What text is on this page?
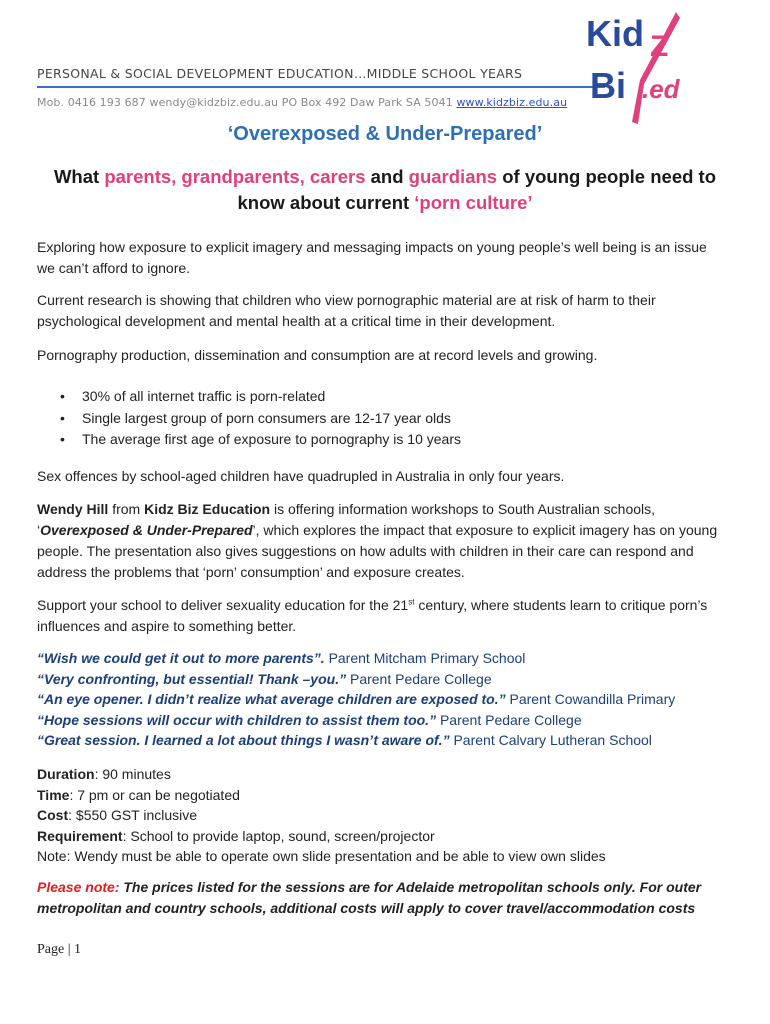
PERSONAL & SOCIAL DEVELOPMENT EDUCATION…MIDDLE SCHOOL YEARS
Mob. 0416 193 687 wendy@kidzbiz.edu.au PO Box 492 Daw Park SA 5041 www.kidzbiz.edu.au
Kid
Bi
Z
.ed
‘Overexposed & Under-Prepared’
What parents, grandparents, carers and guardians of young people need to know about current ‘porn culture’

Exploring how exposure to explicit imagery and messaging impacts on young people’s well being is an issue we can’t afford to ignore.

Current research is showing that children who view pornographic material are at risk of harm to their psychological development and mental health at a critical time in their development.

Pornography production, dissemination and consumption are at record levels and growing.

• 30% of all internet traffic is porn-related
• Single largest group of porn consumers are 12-17 year olds
• The average first age of exposure to pornography is 10 years

Sex offences by school-aged children have quadrupled in Australia in only four years.

Wendy Hill from Kidz Biz Education is offering information workshops to South Australian schools, ‘Overexposed & Under-Prepared’, which explores the impact that exposure to explicit imagery has on young people. The presentation also gives suggestions on how adults with children in their care can respond and address the problems that ‘porn’ consumption’ and exposure creates.

Support your school to deliver sexuality education for the 21st century, where students learn to critique porn’s influences and aspire to something better.

“Wish we could get it out to more parents”. Parent Mitcham Primary School
“Very confronting, but essential! Thank –you.” Parent Pedare College
“An eye opener. I didn’t realize what average children are exposed to.” Parent Cowandilla Primary
“Hope sessions will occur with children to assist them too.” Parent Pedare College
“Great session. I learned a lot about things I wasn’t aware of.” Parent Calvary Lutheran School
Duration: 90 minutes
Time: 7 pm or can be negotiated
Cost: $550 GST inclusive
Requirement: School to provide laptop, sound, screen/projector
Note: Wendy must be able to operate own slide presentation and be able to view own slides

Please note: The prices listed for the sessions are for Adelaide metropolitan schools only. For outer metropolitan and country schools, additional costs will apply to cover travel/accommodation costs

Page | 1
